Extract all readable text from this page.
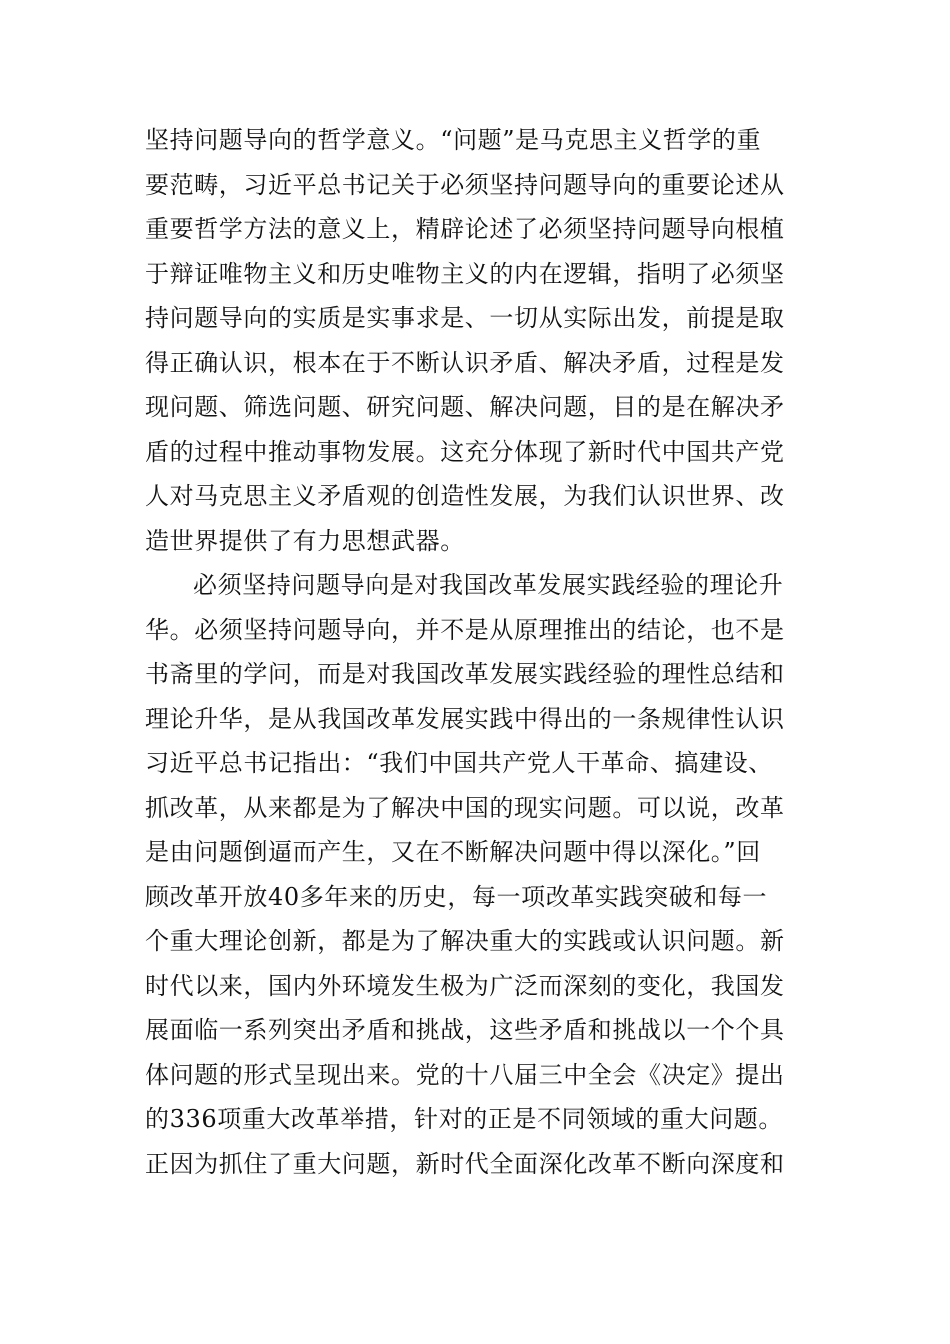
坚持问题导向的哲学意义。“问题”是马克思主义哲学的重
要范畴，习近平总书记关于必须坚持问题导向的重要论述从
重要哲学方法的意义上，精辟论述了必须坚持问题导向根植
于辩证唯物主义和历史唯物主义的内在逻辑，指明了必须坚
持问题导向的实质是实事求是、一切从实际出发，前提是取
得正确认识，根本在于不断认识矛盾、解决矛盾，过程是发
现问题、筛选问题、研究问题、解决问题，目的是在解决矛
盾的过程中推动事物发展。这充分体现了新时代中国共产党
人对马克思主义矛盾观的创造性发展，为我们认识世界、改
造世界提供了有力思想武器。
必须坚持问题导向是对我国改革发展实践经验的理论升
华。必须坚持问题导向，并不是从原理推出的结论，也不是
书斋里的学问，而是对我国改革发展实践经验的理性总结和
理论升华，是从我国改革发展实践中得出的一条规律性认识
习近平总书记指出：“我们中国共产党人干革命、搞建设、
抓改革，从来都是为了解决中国的现实问题。可以说，改革
是由问题倒逼而产生，又在不断解决问题中得以深化。”回
顾改革开放40多年来的历史，每一项改革实践突破和每一
个重大理论创新，都是为了解决重大的实践或认识问题。新
时代以来，国内外环境发生极为广泛而深刻的变化，我国发
展面临一系列突出矛盾和挑战，这些矛盾和挑战以一个个具
体问题的形式呈现出来。党的十八届三中全会《决定》提出
的336项重大改革举措，针对的正是不同领域的重大问题。
正因为抓住了重大问题，新时代全面深化改革不断向深度和
